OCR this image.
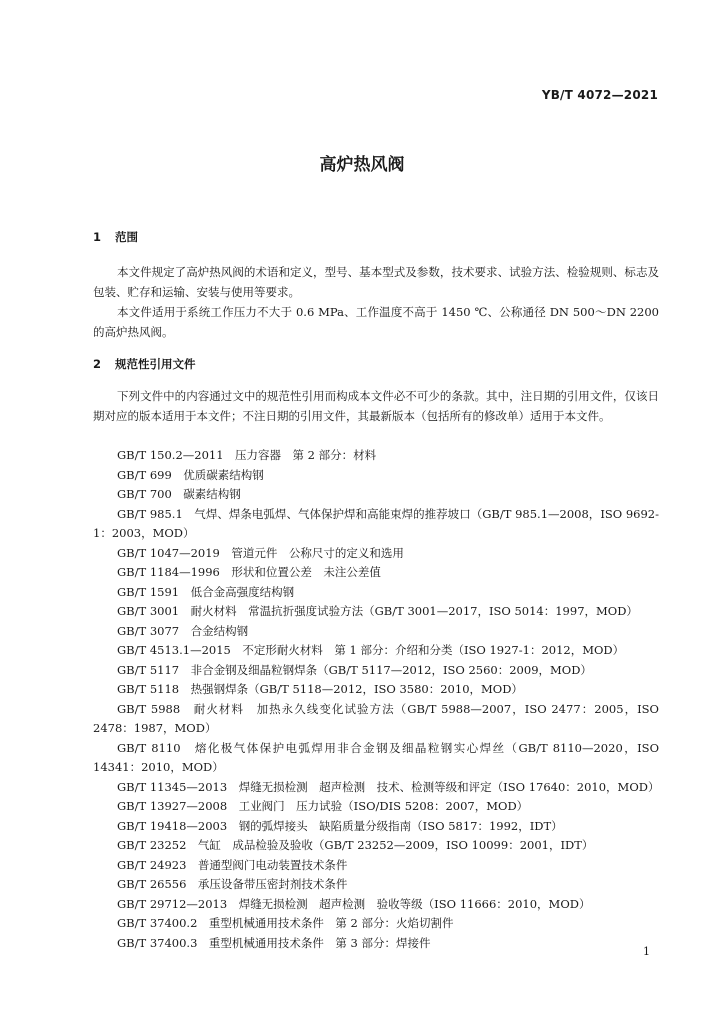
YB/T 4072—2021
高炉热风阀
1 范围
本文件规定了高炉热风阀的术语和定义，型号、基本型式及参数，技术要求、试验方法、检验规则、标志及包装、贮存和运输、安装与使用等要求。
本文件适用于系统工作压力不大于 0.6 MPa、工作温度不高于 1450 ℃、公称通径 DN 500～DN 2200 的高炉热风阀。
2 规范性引用文件
下列文件中的内容通过文中的规范性引用而构成本文件必不可少的条款。其中，注日期的引用文件，仅该日期对应的版本适用于本文件；不注日期的引用文件，其最新版本（包括所有的修改单）适用于本文件。
GB/T 150.2—2011　压力容器　第 2 部分：材料
GB/T 699　优质碳素结构钢
GB/T 700　碳素结构钢
GB/T 985.1　气焊、焊条电弧焊、气体保护焊和高能束焊的推荐坡口（GB/T 985.1—2008，ISO 9692-1：2003，MOD）
GB/T 1047—2019　管道元件　公称尺寸的定义和选用
GB/T 1184—1996　形状和位置公差　未注公差值
GB/T 1591　低合金高强度结构钢
GB/T 3001　耐火材料　常温抗折强度试验方法（GB/T 3001—2017，ISO 5014：1997，MOD）
GB/T 3077　合金结构钢
GB/T 4513.1—2015　不定形耐火材料　第 1 部分：介绍和分类（ISO 1927-1：2012，MOD）
GB/T 5117　非合金钢及细晶粒钢焊条（GB/T 5117—2012，ISO 2560：2009，MOD）
GB/T 5118　热强钢焊条（GB/T 5118—2012，ISO 3580：2010，MOD）
GB/T 5988　耐火材料　加热永久线变化试验方法（GB/T 5988—2007，ISO 2477：2005，ISO 2478：1987，MOD）
GB/T 8110　熔化极气体保护电弧焊用非合金钢及细晶粒钢实心焊丝（GB/T 8110—2020，ISO 14341：2010，MOD）
GB/T 11345—2013　焊缝无损检测　超声检测　技术、检测等级和评定（ISO 17640：2010，MOD）
GB/T 13927—2008　工业阀门　压力试验（ISO/DIS 5208：2007，MOD）
GB/T 19418—2003　钢的弧焊接头　缺陷质量分级指南（ISO 5817：1992，IDT）
GB/T 23252　气缸　成品检验及验收（GB/T 23252—2009，ISO 10099：2001，IDT）
GB/T 24923　普通型阀门电动装置技术条件
GB/T 26556　承压设备带压密封剂技术条件
GB/T 29712—2013　焊缝无损检测　超声检测　验收等级（ISO 11666：2010，MOD）
GB/T 37400.2　重型机械通用技术条件　第 2 部分：火焰切割件
GB/T 37400.3　重型机械通用技术条件　第 3 部分：焊接件
1
